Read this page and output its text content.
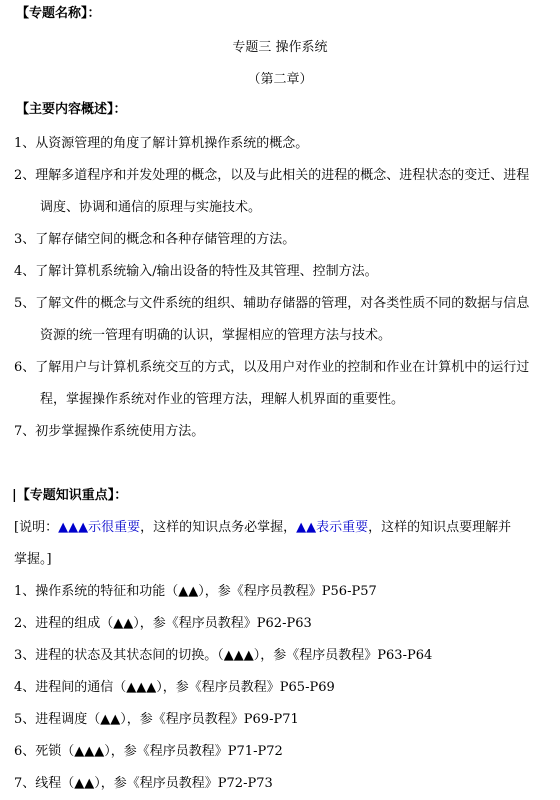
【专题名称】：
专题三 操作系统
（第二章）
【主要内容概述】：
1、从资源管理的角度了解计算机操作系统的概念。
2、理解多道程序和并发处理的概念，以及与此相关的进程的概念、进程状态的变迁、进程
调度、协调和通信的原理与实施技术。
3、了解存储空间的概念和各种存储管理的方法。
4、了解计算机系统输入/输出设备的特性及其管理、控制方法。
5、了解文件的概念与文件系统的组织、辅助存储器的管理，对各类性质不同的数据与信息
资源的统一管理有明确的认识，掌握相应的管理方法与技术。
6、了解用户与计算机系统交互的方式，以及用户对作业的控制和作业在计算机中的运行过
程，掌握操作系统对作业的管理方法，理解人机界面的重要性。
7、初步掌握操作系统使用方法。
|【专题知识重点】：
[说明：▲▲▲示很重要，这样的知识点务必掌握，▲▲表示重要，这样的知识点要理解并
掌握。]
1、操作系统的特征和功能（▲▲），参《程序员教程》P56-P57
2、进程的组成（▲▲），参《程序员教程》P62-P63
3、进程的状态及其状态间的切换。（▲▲▲），参《程序员教程》P63-P64
4、进程间的通信（▲▲▲），参《程序员教程》P65-P69
5、进程调度（▲▲），参《程序员教程》P69-P71
6、死锁（▲▲▲），参《程序员教程》P71-P72
7、线程（▲▲），参《程序员教程》P72-P73
